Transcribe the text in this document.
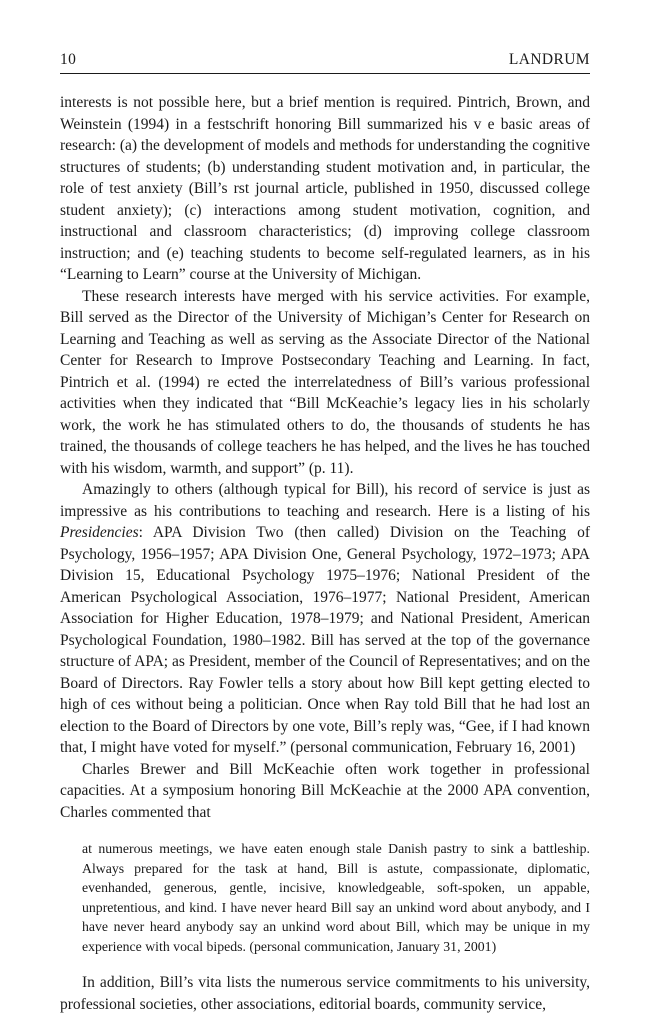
10	LANDRUM

interests is not possible here, but a brief mention is required. Pintrich, Brown, and Weinstein (1994) in a festschrift honoring Bill summarized his v e basic areas of research: (a) the development of models and methods for understanding the cognitive structures of students; (b) understanding student motivation and, in particular, the role of test anxiety (Bill’s rst journal article, published in 1950, discussed college student anxiety); (c) interactions among student motivation, cognition, and instructional and classroom characteristics; (d) improving college classroom instruction; and (e) teaching students to become self-regulated learners, as in his “Learning to Learn” course at the University of Michigan.

These research interests have merged with his service activities. For example, Bill served as the Director of the University of Michigan’s Center for Research on Learning and Teaching as well as serving as the Associate Director of the National Center for Research to Improve Postsecondary Teaching and Learning. In fact, Pintrich et al. (1994) re ected the interrelatedness of Bill’s various professional activities when they indicated that “Bill McKeachie’s legacy lies in his scholarly work, the work he has stimulated others to do, the thousands of students he has trained, the thousands of college teachers he has helped, and the lives he has touched with his wisdom, warmth, and support” (p. 11).

Amazingly to others (although typical for Bill), his record of service is just as impressive as his contributions to teaching and research. Here is a listing of his Presidencies: APA Division Two (then called) Division on the Teaching of Psychology, 1956–1957; APA Division One, General Psychology, 1972–1973; APA Division 15, Educational Psychology 1975–1976; National President of the American Psychological Association, 1976–1977; National President, American Association for Higher Education, 1978–1979; and National President, American Psychological Foundation, 1980–1982. Bill has served at the top of the governance structure of APA; as President, member of the Council of Representatives; and on the Board of Directors. Ray Fowler tells a story about how Bill kept getting elected to high of ces without being a politician. Once when Ray told Bill that he had lost an election to the Board of Directors by one vote, Bill’s reply was, “Gee, if I had known that, I might have voted for myself.” (personal communication, February 16, 2001)

Charles Brewer and Bill McKeachie often work together in professional capacities. At a symposium honoring Bill McKeachie at the 2000 APA convention, Charles commented that

at numerous meetings, we have eaten enough stale Danish pastry to sink a battleship. Always prepared for the task at hand, Bill is astute, compassionate, diplomatic, evenhanded, generous, gentle, incisive, knowledgeable, soft-spoken, un appable, unpretentious, and kind. I have never heard Bill say an unkind word about anybody, and I have never heard anybody say an unkind word about Bill, which may be unique in my experience with vocal bipeds. (personal communication, January 31, 2001)

In addition, Bill’s vita lists the numerous service commitments to his university, professional societies, other associations, editorial boards, community service,
